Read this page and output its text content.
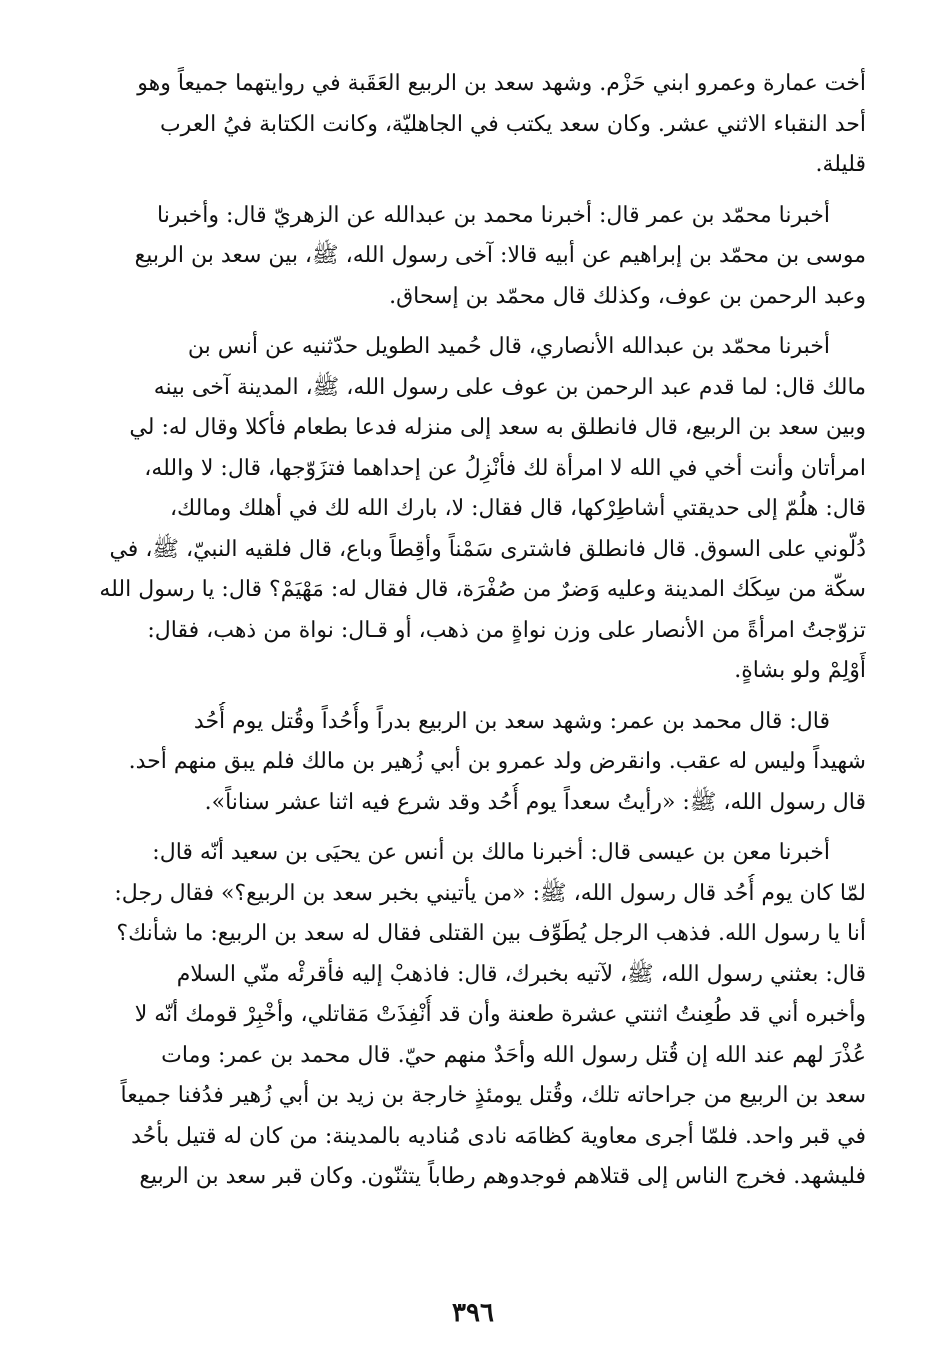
أخت عمارة وعمرو ابني حَزْم. وشهد سعد بن الربيع العَقَبة في روايتهما جميعاً وهو
أحد النقباء الاثني عشر. وكان سعد يكتب في الجاهليّة، وكانت الكتابة فيُ العرب
قليلة.
أخبرنا محمّد بن عمر قال: أخبرنا محمد بن عبدالله عن الزهريّ قال: وأخبرنا
موسى بن محمّد بن إبراهيم عن أبيه قالا: آخى رسول الله، ﷺ، بين سعد بن الربيع
وعبد الرحمن بن عوف، وكذلك قال محمّد بن إسحاق.
أخبرنا محمّد بن عبدالله الأنصاري، قال حُميد الطويل حدّثنيه عن أنس بن
مالك قال: لما قدم عبد الرحمن بن عوف على رسول الله، ﷺ، المدينة آخى بينه
وبين سعد بن الربيع، قال فانطلق به سعد إلى منزله فدعا بطعام فأكلا وقال له: لي
امرأتان وأنت أخي في الله لا امرأة لك فأنْزِلُ عن إحداهما فتزَوّجها، قال: لا والله،
قال: هلُمّ إلى حديقتي أشاطِرْكها، قال فقال: لا، بارك الله لك في أهلك ومالك،
دُلّوني على السوق. قال فانطلق فاشترى سَمْناً وأقِطاً وباع، قال فلقيه النبيّ، ﷺ، في
سكّة من سِكَك المدينة وعليه وَضرٌ من صُفْرَة، قال فقال له: مَهْيَمْ؟ قال: يا رسول الله
تزوّجتُ امرأةً من الأنصار على وزن نواةٍ من ذهب، أو قـال: نواة من ذهب، فقال:
أَوْلِمْ ولو بشاةٍ.
قال: قال محمد بن عمر: وشهد سعد بن الربيع بدراً وأُحُداً وقُتل يوم أُحُد
شهيداً وليس له عقب. وانقرض ولد عمرو بن أبي زُهير بن مالك فلم يبق منهم أحد.
قال رسول الله، ﷺ: «رأيتُ سعداً يوم أُحُد وقد شرع فيه اثنا عشر سناناً».
أخبرنا معن بن عيسى قال: أخبرنا مالك بن أنس عن يحيَى بن سعيد أنّه قال:
لمّا كان يوم أُحُد قال رسول الله، ﷺ: «من يأتيني بخبر سعد بن الربيع؟» فقال رجل:
أنا يا رسول الله. فذهب الرجل يُطَوِّف بين القتلى فقال له سعد بن الربيع: ما شأنك؟
قال: بعثني رسول الله، ﷺ، لآتيه بخبرك، قال: فاذهبْ إليه فأقرئْه منّي السلام
وأخبره أني قد طُعِنتُ اثنتي عشرة طعنة وأن قد أُنْفِذَتْ مَقاتلي، وأخْبِرْ قومك أنّه لا
عُذْرَ لهم عند الله إن قُتل رسول الله وأحَدٌ منهم حيّ. قال محمد بن عمر: ومات
سعد بن الربيع من جراحاته تلك، وقُتل يومئذٍ خارجة بن زيد بن أبي زُهير فدُفنا جميعاً
في قبر واحد. فلمّا أجرى معاوية كظامَه نادى مُناديه بالمدينة: من كان له قتيل بأحُد
فليشهد. فخرج الناس إلى قتلاهم فوجدوهم رطاباً يتثنّون. وكان قبر سعد بن الربيع
٣٩٦
